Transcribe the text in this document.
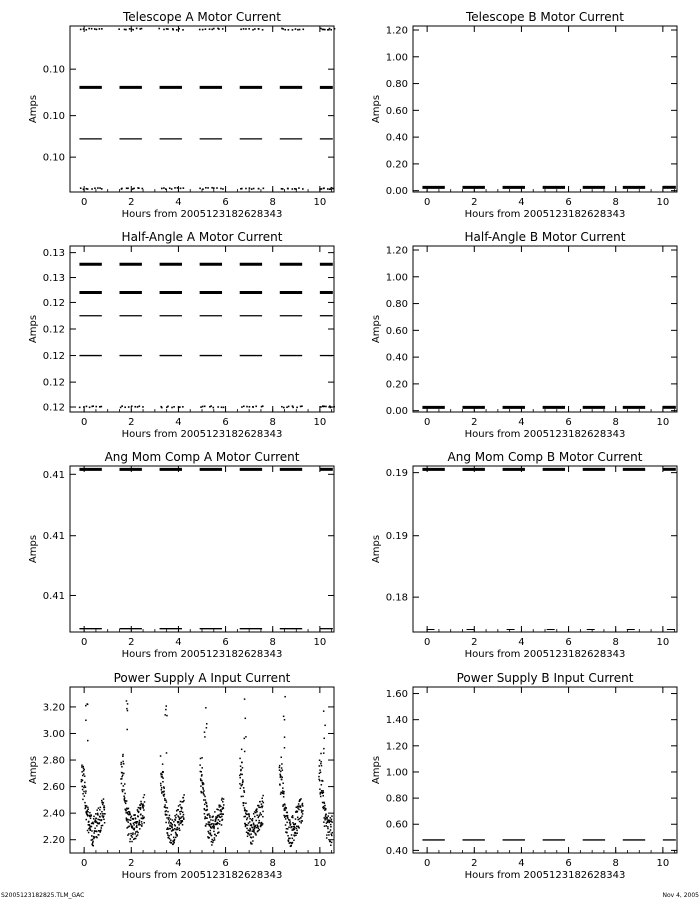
Telescope A Motor Current
0	2	4	6	8	10
0.10
0.10
0.10
Hours from 2005123182628343
Amps
Telescope B Motor Current
0	2	4	6	8	10
0.00
0.20
0.40
0.60
0.80
1.00
1.20
Hours from 2005123182628343
Amps
Half-Angle A Motor Current
0	2	4	6	8	10
0.13
0.13
0.12
0.12
0.12
0.12
0.12
Hours from 2005123182628343
Amps
Half-Angle B Motor Current
0	2	4	6	8	10
0.00
0.20
0.40
0.60
0.80
1.00
1.20
Hours from 2005123182628343
Amps
Ang Mom Comp A Motor Current
0	2	4	6	8	10
0.41
0.41
0.41
Hours from 2005123182628343
Amps
Ang Mom Comp B Motor Current
0	2	4	6	8	10
0.19
0.19
0.18
Hours from 2005123182628343
Amps
Power Supply A Input Current
0	2	4	6	8	10
2.20
2.40
2.60
2.80
3.00
3.20
Hours from 2005123182628343
Amps
Power Supply B Input Current
0	2	4	6	8	10
0.40
0.60
0.80
1.00
1.20
1.40
1.60
Hours from 2005123182628343
Amps
S2005123182825.TLM_GAC	Nov 4, 2005
